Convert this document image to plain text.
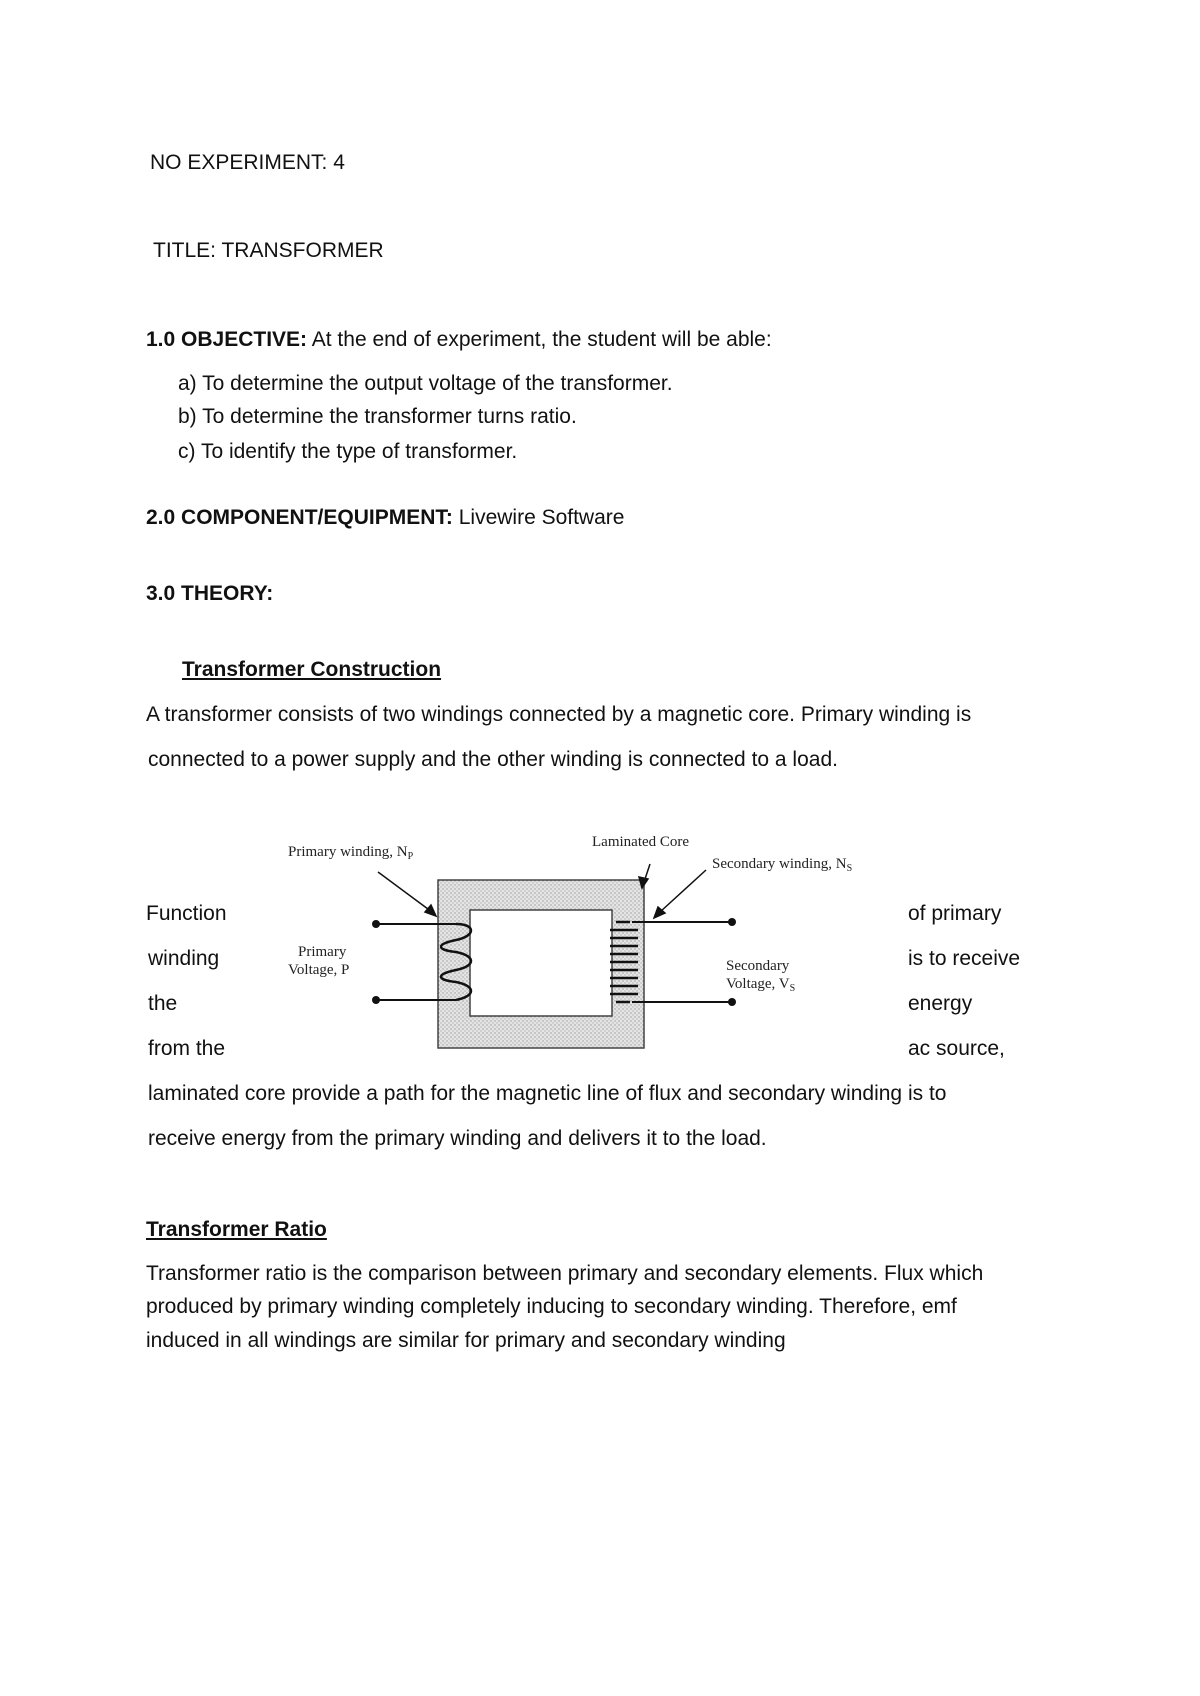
NO EXPERIMENT: 4
TITLE: TRANSFORMER
1.0 OBJECTIVE: At the end of experiment, the student will be able:
a) To determine the output voltage of the transformer.
b) To determine the transformer turns ratio.
c) To identify the type of transformer.
2.0 COMPONENT/EQUIPMENT: Livewire Software
3.0 THEORY:
Transformer Construction
A transformer consists of two windings connected by a magnetic core. Primary winding is
connected to a power supply and the other winding is connected to a load.
Function
winding
the
from the
of primary
is to receive
energy
ac source,
Primary winding, $N_P$
Laminated Core
Secondary winding, $N_S$
Primary
Voltage, P	Secondary
Voltage, $V_S$
laminated core provide a path for the magnetic line of flux and secondary winding is to
receive energy from the primary winding and delivers it to the load.
Transformer Ratio
Transformer ratio is the comparison between primary and secondary elements. Flux which
produced by primary winding completely inducing to secondary winding. Therefore, emf
induced in all windings are similar for primary and secondary winding
